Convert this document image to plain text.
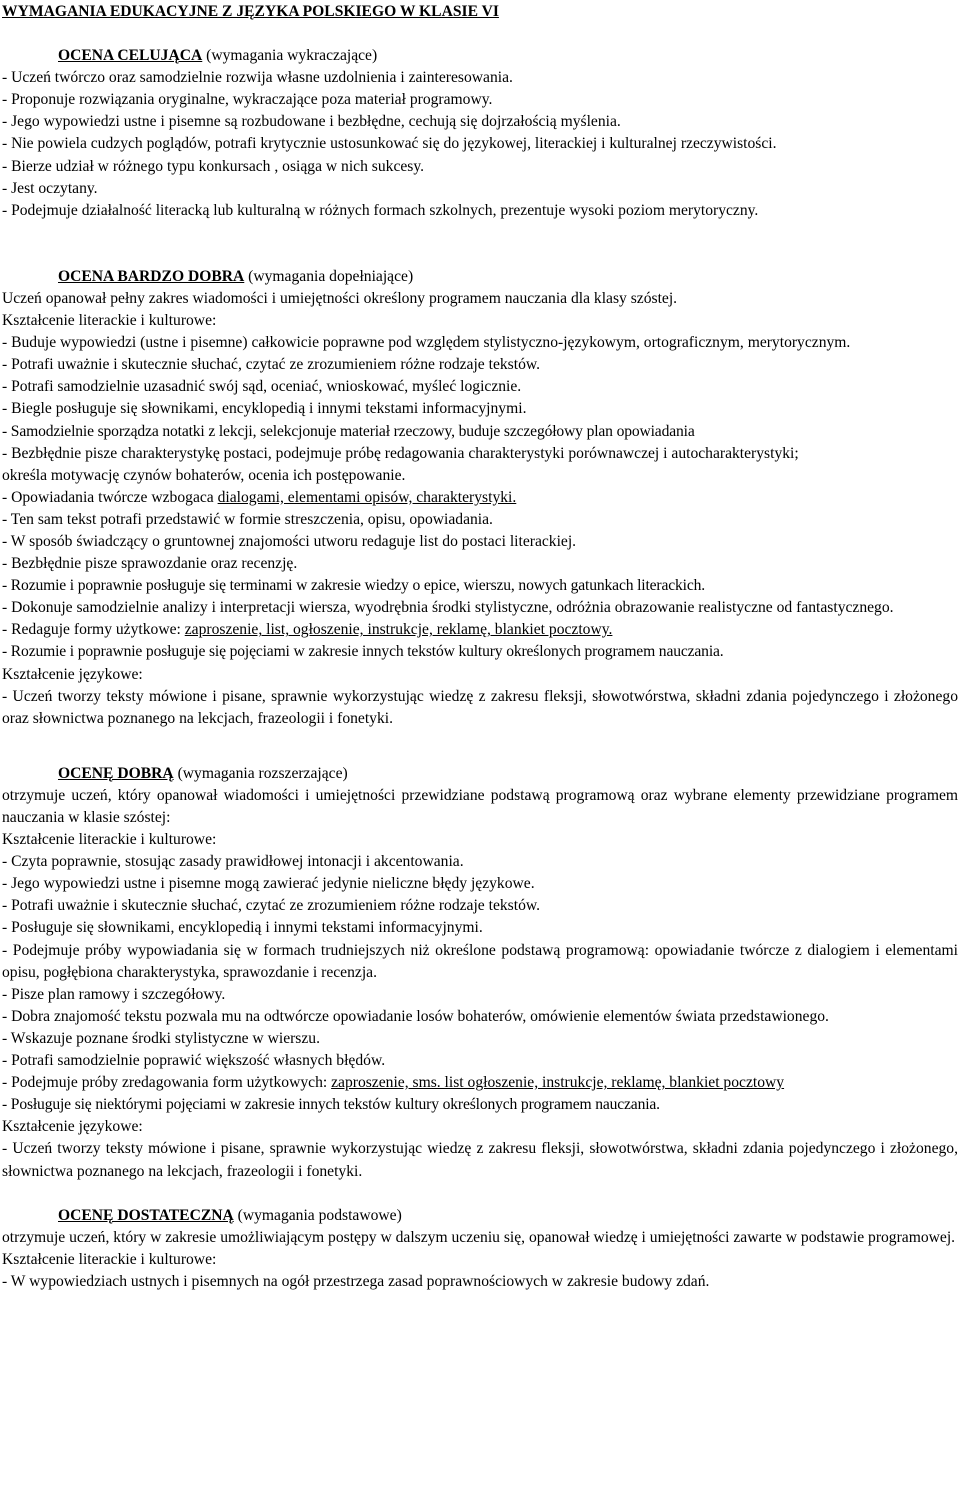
WYMAGANIA EDUKACYJNE Z JĘZYKA POLSKIEGO W KLASIE VI
OCENA CELUJĄCA (wymagania wykraczające)
- Uczeń twórczo oraz samodzielnie rozwija własne uzdolnienia i zainteresowania.
- Proponuje rozwiązania oryginalne, wykraczające poza materiał programowy.
- Jego wypowiedzi ustne i pisemne są rozbudowane i bezbłędne, cechują się dojrzałością myślenia.
- Nie powiela cudzych poglądów, potrafi krytycznie ustosunkować się do językowej, literackiej i kulturalnej rzeczywistości.
- Bierze udział w różnego typu konkursach , osiąga w nich sukcesy.
- Jest oczytany.
- Podejmuje działalność literacką lub kulturalną w różnych formach szkolnych, prezentuje wysoki poziom merytoryczny.
OCENA BARDZO DOBRA (wymagania dopełniające)
Uczeń opanował pełny zakres wiadomości i umiejętności określony programem nauczania dla klasy szóstej.
Kształcenie literackie i kulturowe:
- Buduje wypowiedzi (ustne i pisemne) całkowicie poprawne pod względem stylistyczno-językowym, ortograficznym, merytorycznym.
- Potrafi uważnie i skutecznie słuchać, czytać ze zrozumieniem różne rodzaje tekstów.
- Potrafi samodzielnie uzasadnić swój sąd, oceniać, wnioskować, myśleć logicznie.
- Biegle posługuje się słownikami, encyklopedią i innymi tekstami informacyjnymi.
- Samodzielnie sporządza notatki z lekcji, selekcjonuje materiał rzeczowy, buduje szczegółowy plan opowiadania
- Bezbłędnie pisze charakterystykę postaci, podejmuje próbę redagowania charakterystyki porównawczej i autocharakterystyki;
określa motywację czynów bohaterów, ocenia ich postępowanie.
- Opowiadania twórcze wzbogaca dialogami, elementami opisów, charakterystyki.
- Ten sam tekst potrafi przedstawić w formie streszczenia, opisu, opowiadania.
- W sposób świadczący o gruntownej znajomości utworu redaguje list do postaci literackiej.
- Bezbłędnie pisze sprawozdanie oraz recenzję.
- Rozumie i poprawnie posługuje się terminami w zakresie wiedzy o epice, wierszu, nowych gatunkach literackich.
- Dokonuje samodzielnie analizy i interpretacji wiersza, wyodrębnia środki stylistyczne, odróżnia obrazowanie realistyczne od fantastycznego.
- Redaguje formy użytkowe: zaproszenie, list, ogłoszenie, instrukcje, reklamę, blankiet pocztowy.
- Rozumie i poprawnie posługuje się pojęciami w zakresie innych tekstów kultury określonych programem nauczania.
Kształcenie językowe:
- Uczeń tworzy teksty mówione i pisane, sprawnie wykorzystując wiedzę z zakresu fleksji, słowotwórstwa, składni zdania pojedynczego i złożonego oraz słownictwa poznanego na lekcjach, frazeologii i fonetyki.
OCENĘ DOBRĄ (wymagania rozszerzające)
otrzymuje uczeń, który opanował wiadomości i umiejętności przewidziane podstawą programową oraz wybrane elementy przewidziane programem nauczania w klasie szóstej:
Kształcenie literackie i kulturowe:
- Czyta poprawnie, stosując zasady prawidłowej intonacji i akcentowania.
- Jego wypowiedzi ustne i pisemne mogą zawierać jedynie nieliczne błędy językowe.
- Potrafi uważnie i skutecznie słuchać, czytać ze zrozumieniem różne rodzaje tekstów.
- Posługuje się słownikami, encyklopedią i innymi tekstami informacyjnymi.
- Podejmuje próby wypowiadania się w formach trudniejszych niż określone podstawą programową: opowiadanie twórcze z dialogiem i elementami opisu, pogłębiona charakterystyka, sprawozdanie i recenzja.
- Pisze plan ramowy i szczegółowy.
- Dobra znajomość tekstu pozwala mu na odtwórcze opowiadanie losów bohaterów, omówienie elementów świata przedstawionego.
- Wskazuje poznane środki stylistyczne w wierszu.
- Potrafi samodzielnie poprawić większość własnych błędów.
- Podejmuje próby zredagowania form użytkowych: zaproszenie, sms. list ogłoszenie, instrukcje, reklamę, blankiet pocztowy
- Posługuje się niektórymi pojęciami w zakresie innych tekstów kultury określonych programem nauczania.
Kształcenie językowe:
- Uczeń tworzy teksty mówione i pisane, sprawnie wykorzystując wiedzę z zakresu fleksji, słowotwórstwa, składni zdania pojedynczego i złożonego, słownictwa poznanego na lekcjach, frazeologii i fonetyki.
OCENĘ DOSTATECZNĄ (wymagania podstawowe)
otrzymuje uczeń, który w zakresie umożliwiającym postępy w dalszym uczeniu się, opanował wiedzę i umiejętności zawarte w podstawie programowej.
Kształcenie literackie i kulturowe:
- W wypowiedziach ustnych i pisemnych na ogół przestrzega zasad poprawnościowych w zakresie budowy zdań.
